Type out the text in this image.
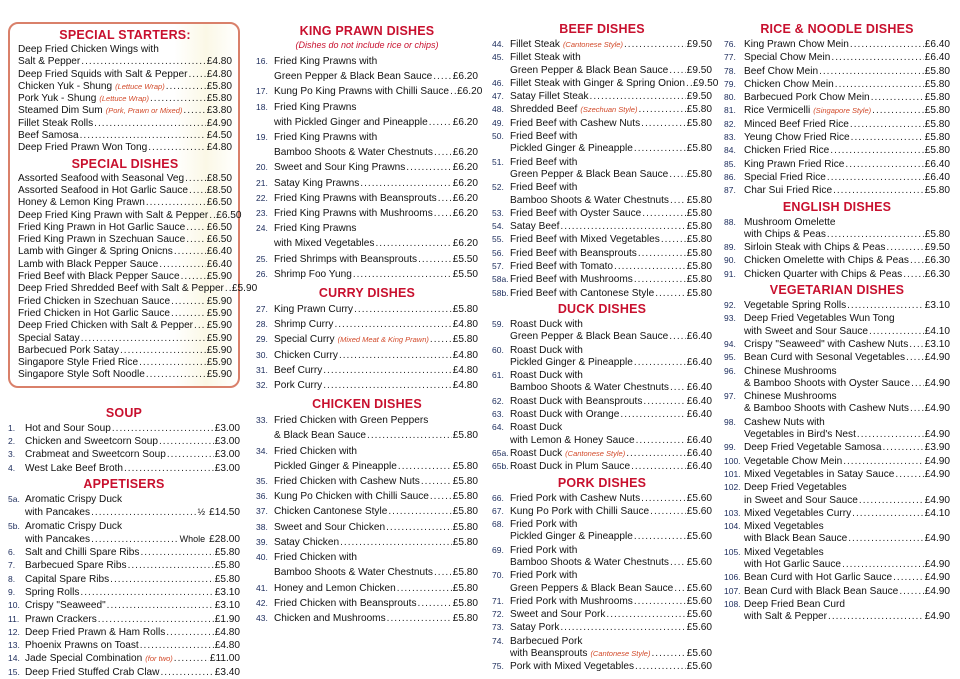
SPECIAL STARTERS:
Deep Fried Chicken Wings with
Salt & Pepper .....	£4.80
Deep Fried Squids with Salt & Pepper ..... £4.80
Chicken Yuk - Shung (Lettuce Wrap) .....	£5.80
Pork Yuk - Shung (Lettuce Wrap) .....	£5.80
Steamed Dim Sum (Pork, Prawn or Mixed) ..... £3.80
Fillet Steak Rolls .....	£4.90
Beef Samosa .....	£4.50
Deep Fried Prawn Won Tong .....	£4.80
SPECIAL DISHES
Assorted Seafood with Seasonal Veg ..... £8.50
Assorted Seafood in Hot Garlic Sauce ..... £8.50
Honey & Lemon King Prawn .....	£6.50
Deep Fried King Prawn with Salt & Pepper ..... £6.50
Fried King Prawn in Hot Garlic Sauce ..... £6.50
Fried King Prawn in Szechuan Sauce ..... £6.50
Lamb with Ginger & Spring Onicns .....	£6.40
Lamb with Black Pepper Sauce .....	£6.40
Fried Beef with Black Pepper Sauce .....	£5.90
Deep Fried Shredded Beef with Salt & Pepper ..... £5.90
Fried Chicken in Szechuan Sauce .....	£5.90
Fried Chicken in Hot Garlic Sauce .....	£5.90
Deep Fried Chicken with Salt & Pepper ..... £5.90
Special Satay .....	£5.90
Barbecued Pork Satay .....	£5.90
Singapore Style Fried Rice .....	£5.90
Singapore Style Soft Noodle .....	£5.90
SOUP
1. Hot and Sour Soup .....	£3.00
2. Chicken and Sweetcorn Soup .....	£3.00
3. Crabmeat and Sweetcorn Soup .....	£3.00
4. West Lake Beef Broth .....	£3.00
APPETISERS
5a. Aromatic Crispy Duck
with Pancakes .....	½ £14.50
5b. Aromatic Crispy Duck
with Pancakes .....	Whole £28.00
6. Salt and Chilli Spare Ribs .....	£5.80
7. Barbecued Spare Ribs .....	£5.80
8. Capital Spare Ribs .....	£5.80
9. Spring Rolls .....	£3.10
10. Crispy "Seaweed" .....	£3.10
11. Prawn Crackers .....	£1.90
12. Deep Fried Prawn & Ham Rolls .....	£4.80
13. Phoenix Prawns on Toast .....	£4.80
14. Jade Special Combination (for two) .....	£11.00
15. Deep Fried Stuffed Crab Claw .....	£3.40
KING PRAWN DISHES
(Dishes do not include rice or chips)
16. Fried King Prawns with
Green Pepper & Black Bean Sauce ..... £6.20
17. Kung Po King Prawns with Chilli Sauce ..... £6.20
18. Fried King Prawns
with Pickled Ginger and Pineapple ..... £6.20
19. Fried King Prawns with
Bamboo Shoots & Water Chestnuts ..... £6.20
20. Sweet and Sour King Prawns .....	£6.20
21. Satay King Prawns .....	£6.20
22. Fried King Prawns with Beansprouts ..... £6.20
23. Fried King Prawns with Mushrooms ..... £6.20
24. Fried King Prawns
with Mixed Vegetables .....	£6.20
25. Fried Shrimps with Beansprouts .....	£5.50
26. Shrimp Foo Yung .....	£5.50
CURRY DISHES
27. King Prawn Curry .....	£5.80
28. Shrimp Curry .....	£4.80
29. Special Curry (Mixed Meat & King Prawn) ..... £5.80
30. Chicken Curry .....	£4.80
31. Beef Curry .....	£4.80
32. Pork Curry .....	£4.80
CHICKEN DISHES
33. Fried Chicken with Green Peppers
& Black Bean Sauce .....	£5.80
34. Fried Chicken with
Pickled Ginger & Pineapple .....	£5.80
35. Fried Chicken with Cashew Nuts .....	£5.80
36. Kung Po Chicken with Chilli Sauce ..... £5.80
37. Chicken Cantonese Style .....	£5.80
38. Sweet and Sour Chicken .....	£5.80
39. Satay Chicken .....	£5.80
40. Fried Chicken with
Bamboo Shoots & Water Chestnuts ..... £5.80
41. Honey and Lemon Chicken .....	£5.80
42. Fried Chicken with Beansprouts .....	£5.80
43. Chicken and Mushrooms .....	£5.80
BEEF DISHES
44. Fillet Steak (Cantonese Style) .....	£9.50
45. Fillet Steak with
Green Pepper & Black Bean Sauce ..... £9.50
46. Fillet Steak with Ginger & Spring Onion ..... £9.50
47. Satay Fillet Steak .....	£9.50
48. Shredded Beef (Szechuan Style) .....	£5.80
49. Fried Beef with Cashew Nuts .....	£5.80
50. Fried Beef with
Pickled Ginger & Pineapple .....	£5.80
51. Fried Beef with
Green Pepper & Black Bean Sauce ..... £5.80
52. Fried Beef with
Bamboo Shoots & Water Chestnuts ..... £5.80
53. Fried Beef with Oyster Sauce .....	£5.80
54. Satay Beef .....	£5.80
55. Fried Beef with Mixed Vegetables .....	£5.80
56. Fried Beef with Beansprouts .....	£5.80
57. Fried Beef with Tomato .....	£5.80
58a. Fried Beef with Mushrooms .....	£5.80
58b. Fried Beef with Cantonese Style .....	£5.80
DUCK DISHES
59. Roast Duck with
Green Pepper & Black Bean Sauce ..... £6.40
60. Roast Duck with
Pickled Ginger & Pineapple .....	£6.40
61. Roast Duck with
Bamboo Shoots & Water Chestnuts ..... £6.40
62. Roast Duck with Beansprouts .....	£6.40
63. Roast Duck with Orange .....	£6.40
64. Roast Duck
with Lemon & Honey Sauce .....	£6.40
65a. Roast Duck (Cantonese Style) .....	£6.40
65b. Roast Duck in Plum Sauce .....	£6.40
PORK DISHES
66. Fried Pork with Cashew Nuts .....	£5.60
67. Kung Po Pork with Chilli Sauce .....	£5.60
68. Fried Pork with
Pickled Ginger & Pineapple .....	£5.60
69. Fried Pork with
Bamboo Shoots & Water Chestnuts ..... £5.60
70. Fried Pork with
Green Peppers & Black Bean Sauce ..... £5.60
71. Fried Pork with Mushrooms .....	£5.60
72. Sweet and Sour Pork .....	£5.60
73. Satay Pork .....	£5.60
74. Barbecued Pork
with Beansprouts (Cantonese Style) .....	£5.60
75. Pork with Mixed Vegetables .....	£5.60
RICE & NOODLE DISHES
76. King Prawn Chow Mein .....	£6.40
77. Special Chow Mein .....	£6.40
78. Beef Chow Mein .....	£5.80
79. Chicken Chow Mein .....	£5.80
80. Barbecued Pork Chow Mein .....	£5.80
81. Rice Vermicelli (Singapore Style) .....	£5.80
82. Minced Beef Fried Rice .....	£5.80
83. Yeung Chow Fried Rice .....	£5.80
84. Chicken Fried Rice .....	£5.80
85. King Prawn Fried Rice .....	£6.40
86. Special Fried Rice .....	£6.40
87. Char Sui Fried Rice .....	£5.80
ENGLISH DISHES
88. Mushroom Omelette
with Chips & Peas .....	£5.80
89. Sirloin Steak with Chips & Peas .....	£9.50
90. Chicken Omelette with Chips & Peas ..... £6.30
91. Chicken Quarter with Chips & Peas ..... £6.30
VEGETARIAN DISHES
92. Vegetable Spring Rolls .....	£3.10
93. Deep Fried Vegetables Wun Tong
with Sweet and Sour Sauce .....	£4.10
94. Crispy "Seaweed" with Cashew Nuts ..... £3.10
95. Bean Curd with Sesonal Vegetables ..... £4.90
96. Chinese Mushrooms
& Bamboo Shoots with Oyster Sauce ..... £4.90
97. Chinese Mushrooms
& Bamboo Shoots with Cashew Nuts ..... £4.90
98. Cashew Nuts with
Vegetables in Bird's Nest .....	£4.90
99. Deep Fried Vegetable Samosa .....	£3.90
100. Vegetable Chow Mein .....	£4.90
101. Mixed Vegetables in Satay Sauce .....	£4.90
102. Deep Fried Vegetables
in Sweet and Sour Sauce .....	£4.90
103. Mixed Vegetables Curry .....	£4.10
104. Mixed Vegetables
with Black Bean Sauce .....	£4.90
105. Mixed Vegetables
with Hot Garlic Sauce .....	£4.90
106. Bean Curd with Hot Garlic Sauce .....	£4.90
107. Bean Curd with Black Bean Sauce .....	£4.90
108. Deep Fried Bean Curd
with Salt & Pepper .....	£4.90
